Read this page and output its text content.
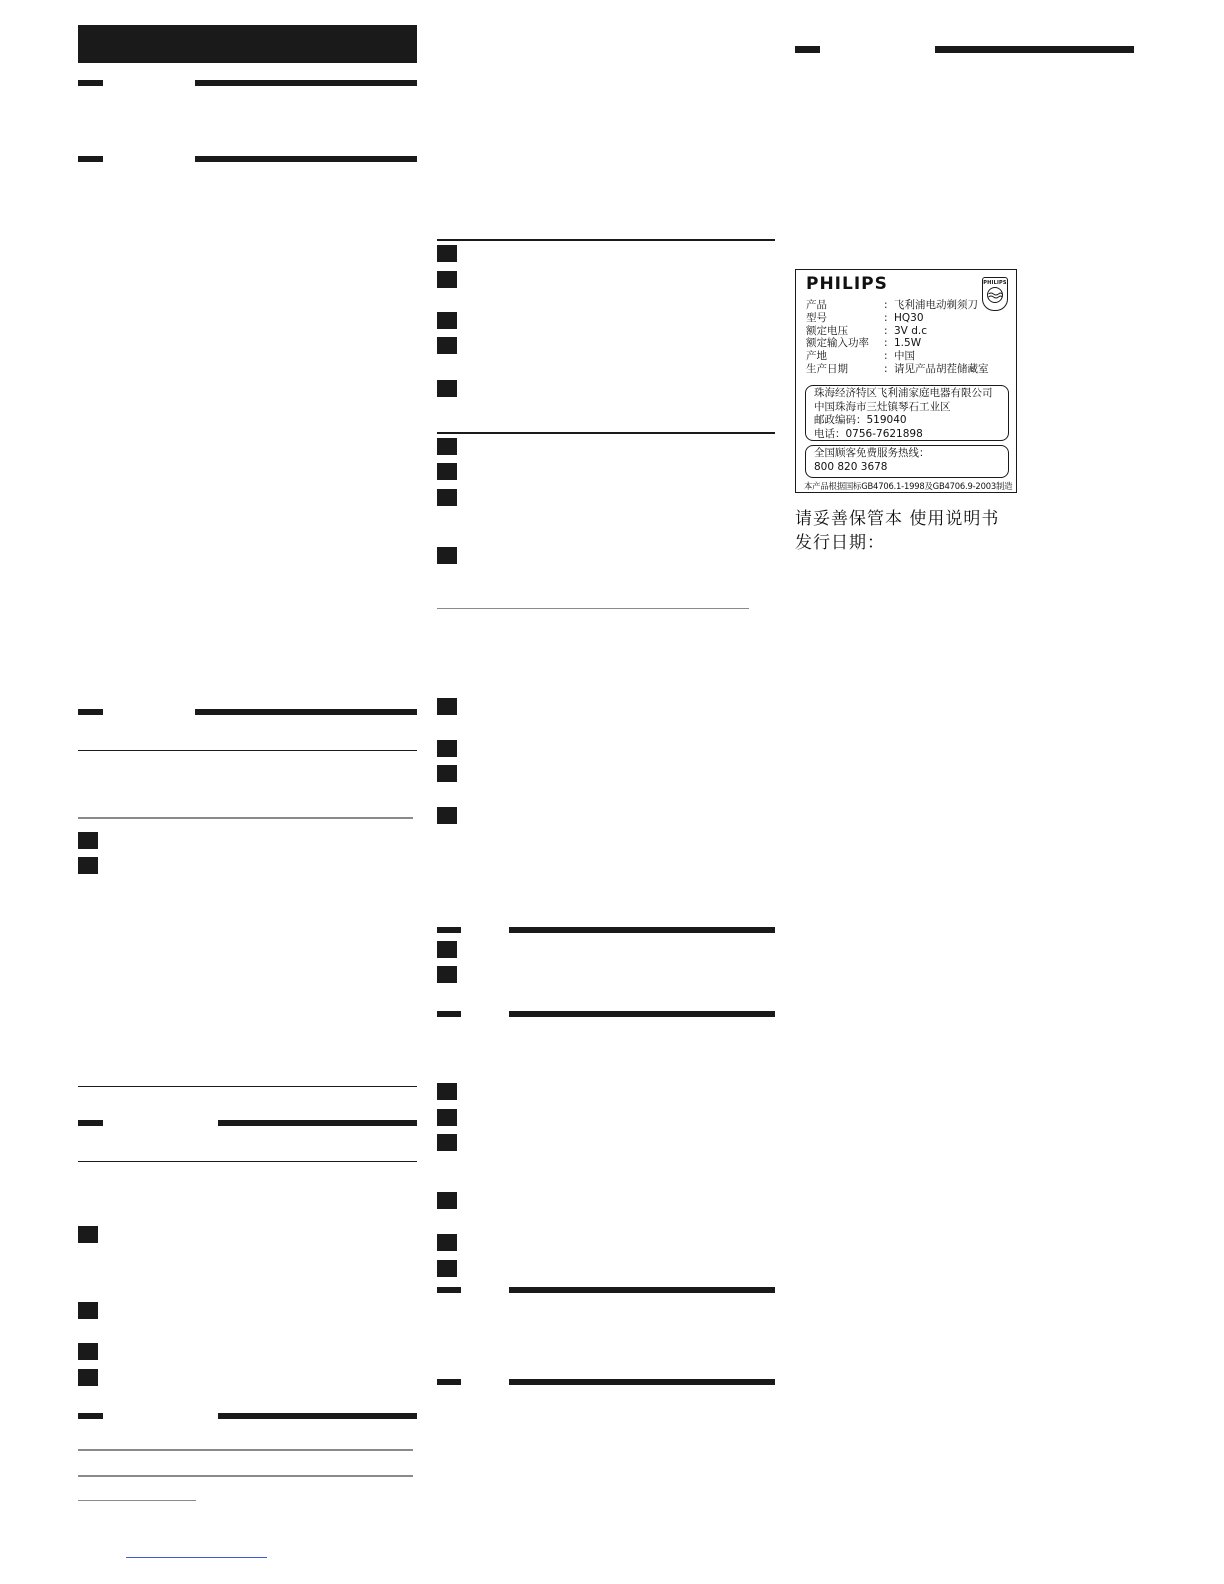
PHILIPS	PHILIPS
产品	: 飞利浦电动剃须刀
型号	: HQ30
额定电压	: 3V d.c
额定输入功率	: 1.5W
产地	: 中国
生产日期	: 请见产品胡茬储藏室
珠海经济特区飞利浦家庭电器有限公司
中国珠海市三灶镇琴石工业区
邮政编码：519040
电话：0756-7621898
全国顾客免费服务热线：
800 820 3678
本产品根据国标GB4706.1-1998及GB4706.9-2003制造
请妥善保管本 使用说明书
发行日期：
